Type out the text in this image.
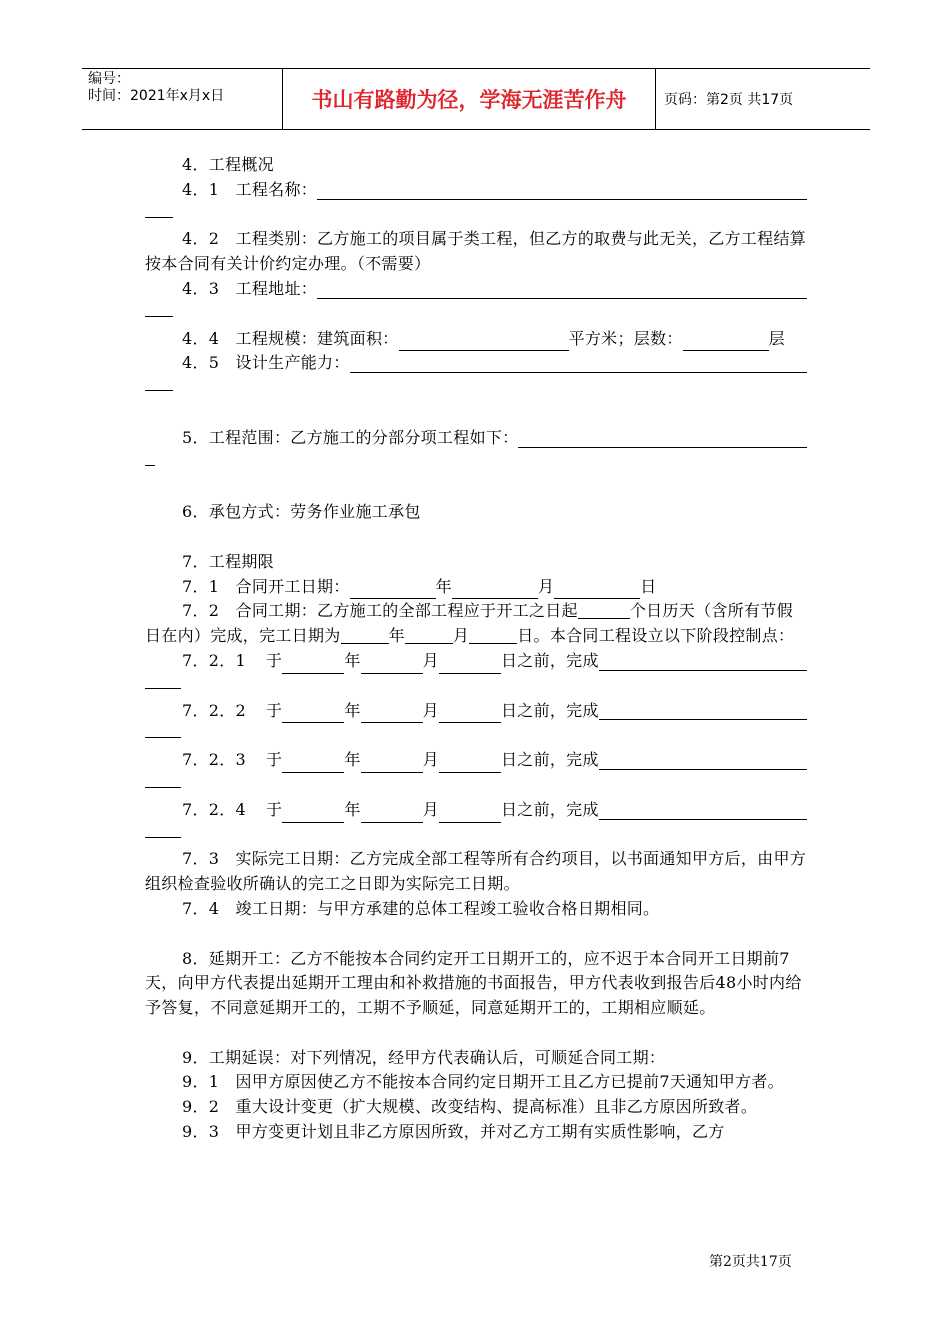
编号：
时间：2021年x月x日	书山有路勤为径，学海无涯苦作舟	页码：第2页 共17页

4．工程概况

4．1　工程名称：

4．2　工程类别：乙方施工的项目属于类工程，但乙方的取费与此无关，乙方工程结算按本合同有关计价约定办理。（不需要）

4．3　工程地址：
4．4　工程规模：建筑面积：	平方米；层数：	层
4．5　设计生产能力：
5．工程范围：乙方施工的分部分项工程如下：

6．承包方式：劳务作业施工承包

7．工程期限

7．1　合同开工日期：	年	月	日

7．2　合同工期：乙方施工的全部工程应于开工之日起	个日历天（含所有节假日在内）完成，完工日期为	年	月	日。本合同工程设立以下阶段控制点：

7．2．1 于	年	月	日之前，完成
7．2．2 于	年	月	日之前，完成
7．2．3 于	年	月	日之前，完成
7．2．4 于	年	月	日之前，完成

7．3　实际完工日期：乙方完成全部工程等所有合约项目，以书面通知甲方后，由甲方组织检查验收所确认的完工之日即为实际完工日期。

7．4　竣工日期：与甲方承建的总体工程竣工验收合格日期相同。

8．延期开工：乙方不能按本合同约定开工日期开工的，应不迟于本合同开工日期前7天，向甲方代表提出延期开工理由和补救措施的书面报告，甲方代表收到报告后48小时内给予答复，不同意延期开工的，工期不予顺延，同意延期开工的，工期相应顺延。

9．工期延误：对下列情况，经甲方代表确认后，可顺延合同工期：

9．1　因甲方原因使乙方不能按本合同约定日期开工且乙方已提前7天通知甲方者。

9．2　重大设计变更（扩大规模、改变结构、提高标准）且非乙方原因所致者。

9．3　甲方变更计划且非乙方原因所致，并对乙方工期有实质性影响，乙方

第2页共17页
